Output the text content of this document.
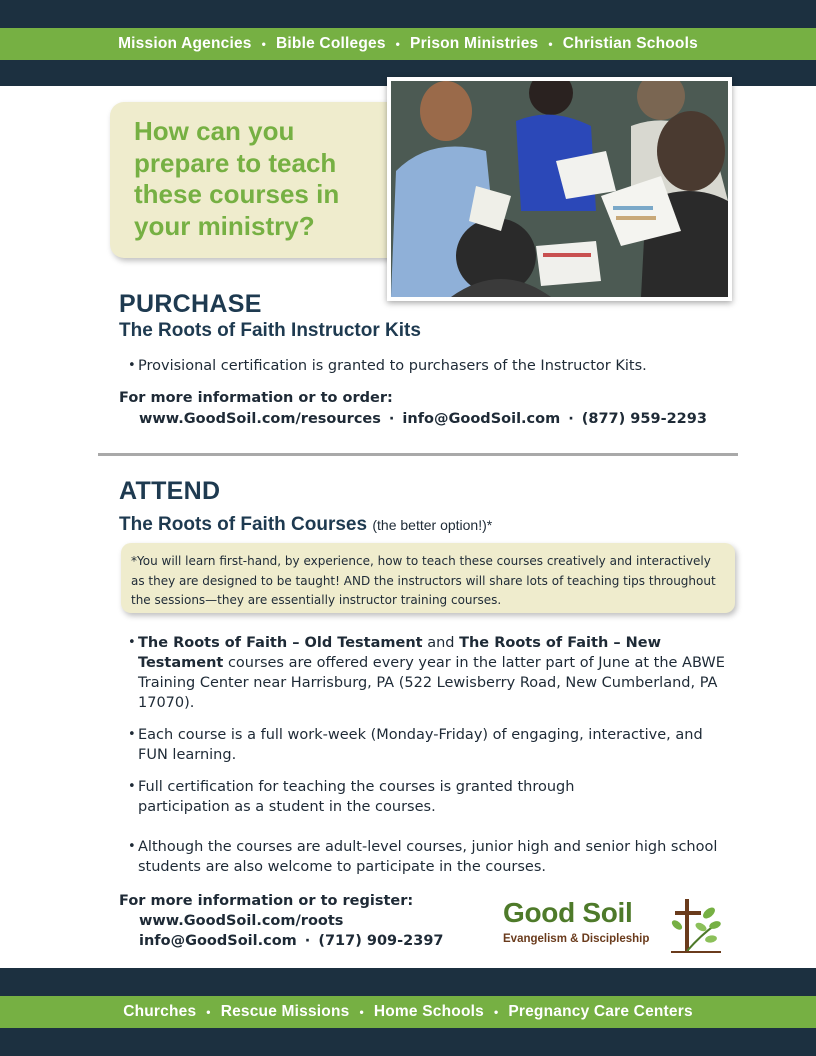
Mission Agencies • Bible Colleges • Prison Ministries • Christian Schools

How can you prepare to teach these courses in your ministry?

PURCHASE
The Roots of Faith Instructor Kits
• Provisional certification is granted to purchasers of the Instructor Kits.
For more information or to order:
www.GoodSoil.com/resources · info@GoodSoil.com · (877) 959-2293
ATTEND
The Roots of Faith Courses (the better option!)*

*You will learn first-hand, by experience, how to teach these courses creatively and interactively as they are designed to be taught! AND the instructors will share lots of teaching tips throughout the sessions—they are essentially instructor training courses.

• The Roots of Faith – Old Testament and The Roots of Faith – New Testament courses are offered every year in the latter part of June at the ABWE Training Center near Harrisburg, PA (522 Lewisberry Road, New Cumberland, PA 17070).
• Each course is a full work-week (Monday-Friday) of engaging, interactive, and FUN learning.
• Full certification for teaching the courses is granted through participation as a student in the courses.
• Although the courses are adult-level courses, junior high and senior high school students are also welcome to participate in the courses.
For more information or to register:
www.GoodSoil.com/roots
info@GoodSoil.com · (717) 909-2397
Good Soil
Evangelism & Discipleship
Churches • Rescue Missions • Home Schools • Pregnancy Care Centers
